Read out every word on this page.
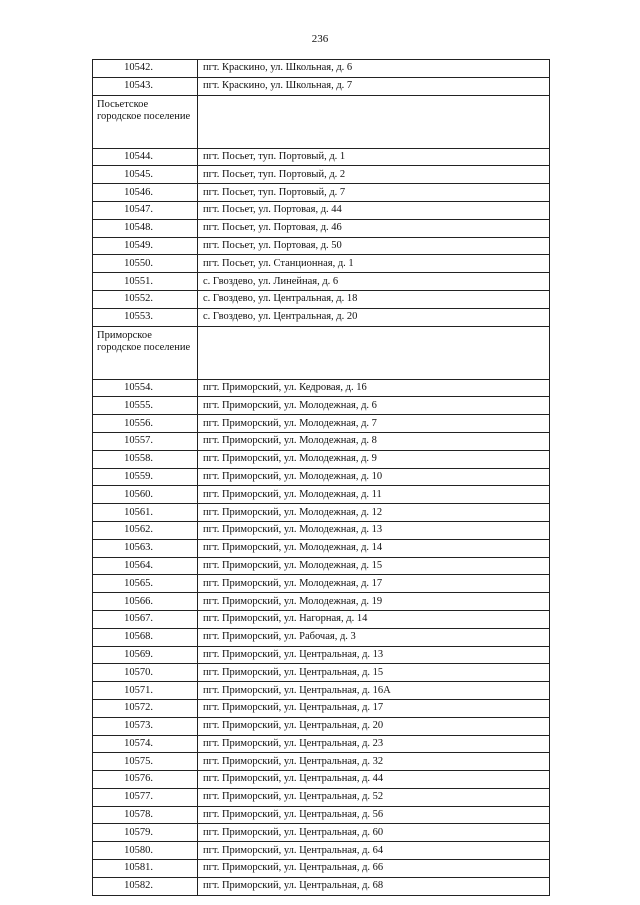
236
10542.	пгт. Краскино, ул. Школьная, д. 6
10543.	пгт. Краскино, ул. Школьная, д. 7
Посьетское городское поселение	
10544.	пгт. Посьет, туп. Портовый, д. 1
10545.	пгт. Посьет, туп. Портовый, д. 2
10546.	пгт. Посьет, туп. Портовый, д. 7
10547.	пгт. Посьет, ул. Портовая, д. 44
10548.	пгт. Посьет, ул. Портовая, д. 46
10549.	пгт. Посьет, ул. Портовая, д. 50
10550.	пгт. Посьет, ул. Станционная, д. 1
10551.	с. Гвоздево, ул. Линейная, д. 6
10552.	с. Гвоздево, ул. Центральная, д. 18
10553.	с. Гвоздево, ул. Центральная, д. 20
Приморское городское поселение	
10554.	пгт. Приморский, ул. Кедровая, д. 16
10555.	пгт. Приморский, ул. Молодежная, д. 6
10556.	пгт. Приморский, ул. Молодежная, д. 7
10557.	пгт. Приморский, ул. Молодежная, д. 8
10558.	пгт. Приморский, ул. Молодежная, д. 9
10559.	пгт. Приморский, ул. Молодежная, д. 10
10560.	пгт. Приморский, ул. Молодежная, д. 11
10561.	пгт. Приморский, ул. Молодежная, д. 12
10562.	пгт. Приморский, ул. Молодежная, д. 13
10563.	пгт. Приморский, ул. Молодежная, д. 14
10564.	пгт. Приморский, ул. Молодежная, д. 15
10565.	пгт. Приморский, ул. Молодежная, д. 17
10566.	пгт. Приморский, ул. Молодежная, д. 19
10567.	пгт. Приморский, ул. Нагорная, д. 14
10568.	пгт. Приморский, ул. Рабочая, д. 3
10569.	пгт. Приморский, ул. Центральная, д. 13
10570.	пгт. Приморский, ул. Центральная, д. 15
10571.	пгт. Приморский, ул. Центральная, д. 16А
10572.	пгт. Приморский, ул. Центральная, д. 17
10573.	пгт. Приморский, ул. Центральная, д. 20
10574.	пгт. Приморский, ул. Центральная, д. 23
10575.	пгт. Приморский, ул. Центральная, д. 32
10576.	пгт. Приморский, ул. Центральная, д. 44
10577.	пгт. Приморский, ул. Центральная, д. 52
10578.	пгт. Приморский, ул. Центральная, д. 56
10579.	пгт. Приморский, ул. Центральная, д. 60
10580.	пгт. Приморский, ул. Центральная, д. 64
10581.	пгт. Приморский, ул. Центральная, д. 66
10582.	пгт. Приморский, ул. Центральная, д. 68
